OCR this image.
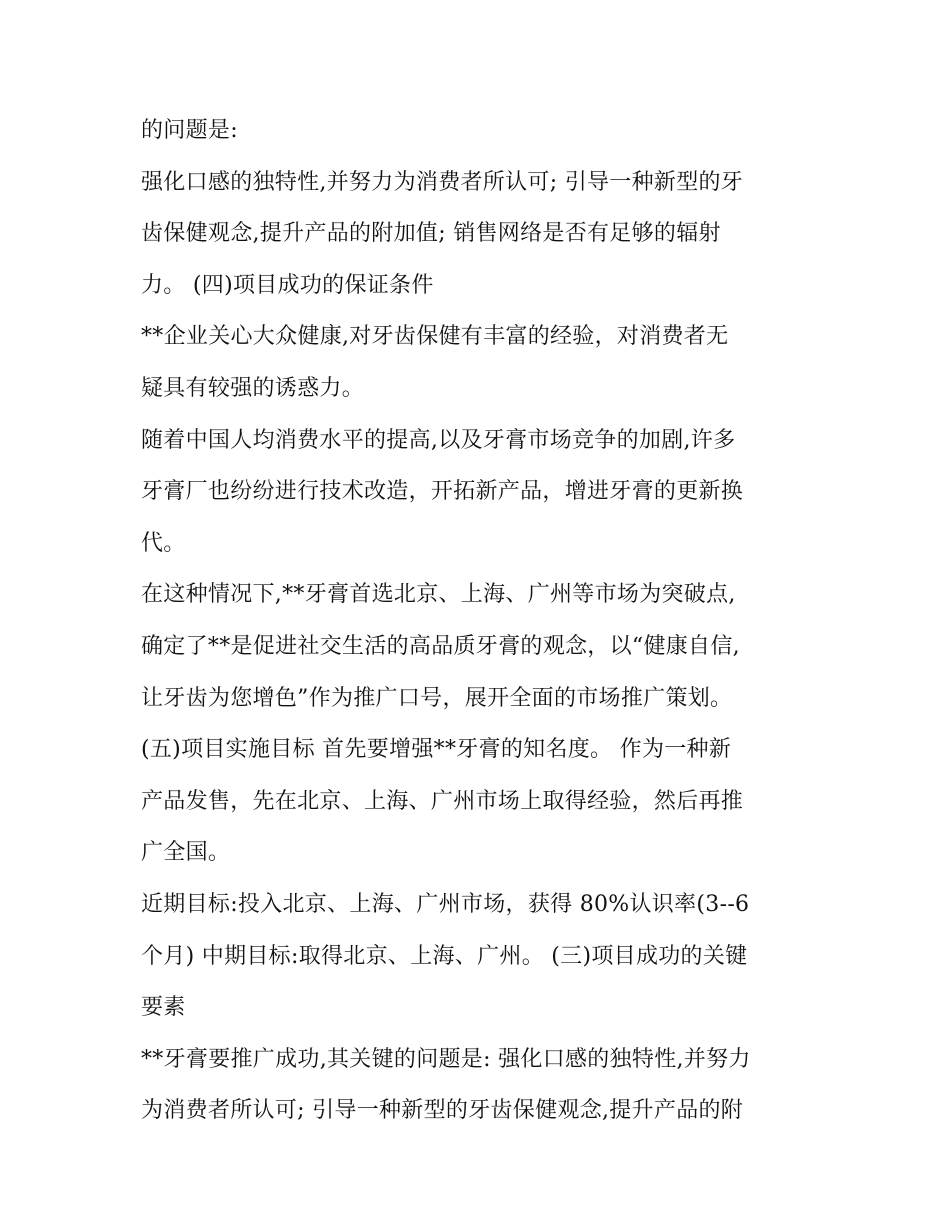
的问题是:
强化口感的独特性,并努力为消费者所认可; 引导一种新型的牙
齿保健观念,提升产品的附加值; 销售网络是否有足够的辐射
力。 (四)项目成功的保证条件
**企业关心大众健康,对牙齿保健有丰富的经验，对消费者无
疑具有较强的诱惑力。
随着中国人均消费水平的提高,以及牙膏市场竞争的加剧,许多
牙膏厂也纷纷进行技术改造，开拓新产品，增进牙膏的更新换
代。
在这种情况下,**牙膏首选北京、上海、广州等市场为突破点,
确定了**是促进社交生活的高品质牙膏的观念，以“健康自信,
让牙齿为您增色”作为推广口号，展开全面的市场推广策划。
(五)项目实施目标 首先要增强**牙膏的知名度。 作为一种新
产品发售，先在北京、上海、广州市场上取得经验，然后再推
广全国。
近期目标:投入北京、上海、广州市场，获得 80%认识率(3--6
个月) 中期目标:取得北京、上海、广州。 (三)项目成功的关键
要素
**牙膏要推广成功,其关键的问题是: 强化口感的独特性,并努力
为消费者所认可; 引导一种新型的牙齿保健观念,提升产品的附
